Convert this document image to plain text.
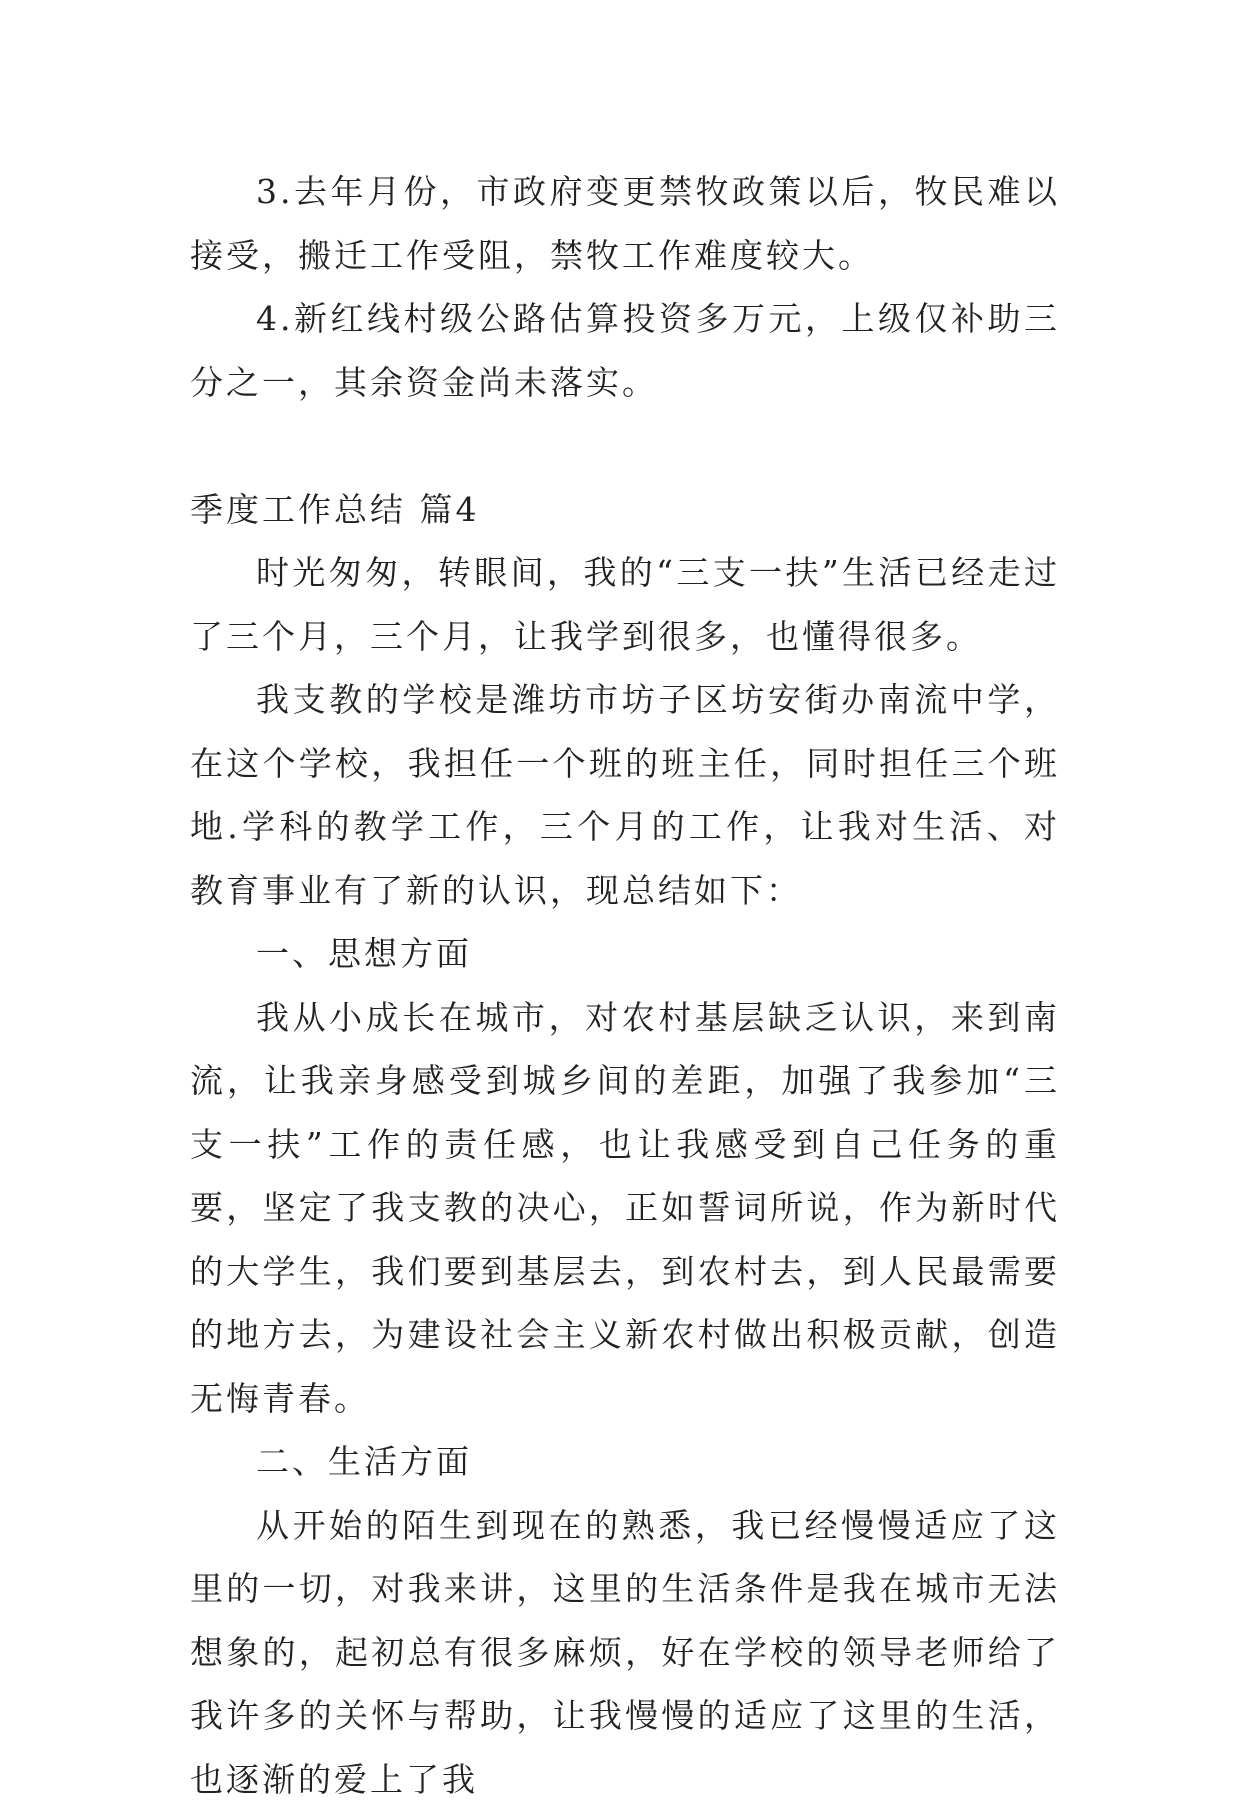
3.去年月份，市政府变更禁牧政策以后，牧民难以接受，搬迁工作受阻，禁牧工作难度较大。

4.新红线村级公路估算投资多万元，上级仅补助三分之一，其余资金尚未落实。

季度工作总结 篇4

时光匆匆，转眼间，我的“三支一扶”生活已经走过了三个月，三个月，让我学到很多，也懂得很多。

我支教的学校是潍坊市坊子区坊安街办南流中学，在这个学校，我担任一个班的班主任，同时担任三个班地.学科的教学工作，三个月的工作，让我对生活、对教育事业有了新的认识，现总结如下：

一、思想方面

我从小成长在城市，对农村基层缺乏认识，来到南流，让我亲身感受到城乡间的差距，加强了我参加“三支一扶”工作的责任感，也让我感受到自己任务的重要，坚定了我支教的决心，正如誓词所说，作为新时代的大学生，我们要到基层去，到农村去，到人民最需要的地方去，为建设社会主义新农村做出积极贡献，创造无悔青春。

二、生活方面

从开始的陌生到现在的熟悉，我已经慢慢适应了这里的一切，对我来讲，这里的生活条件是我在城市无法想象的，起初总有很多麻烦，好在学校的领导老师给了我许多的关怀与帮助，让我慢慢的适应了这里的生活，也逐渐的爱上了我
